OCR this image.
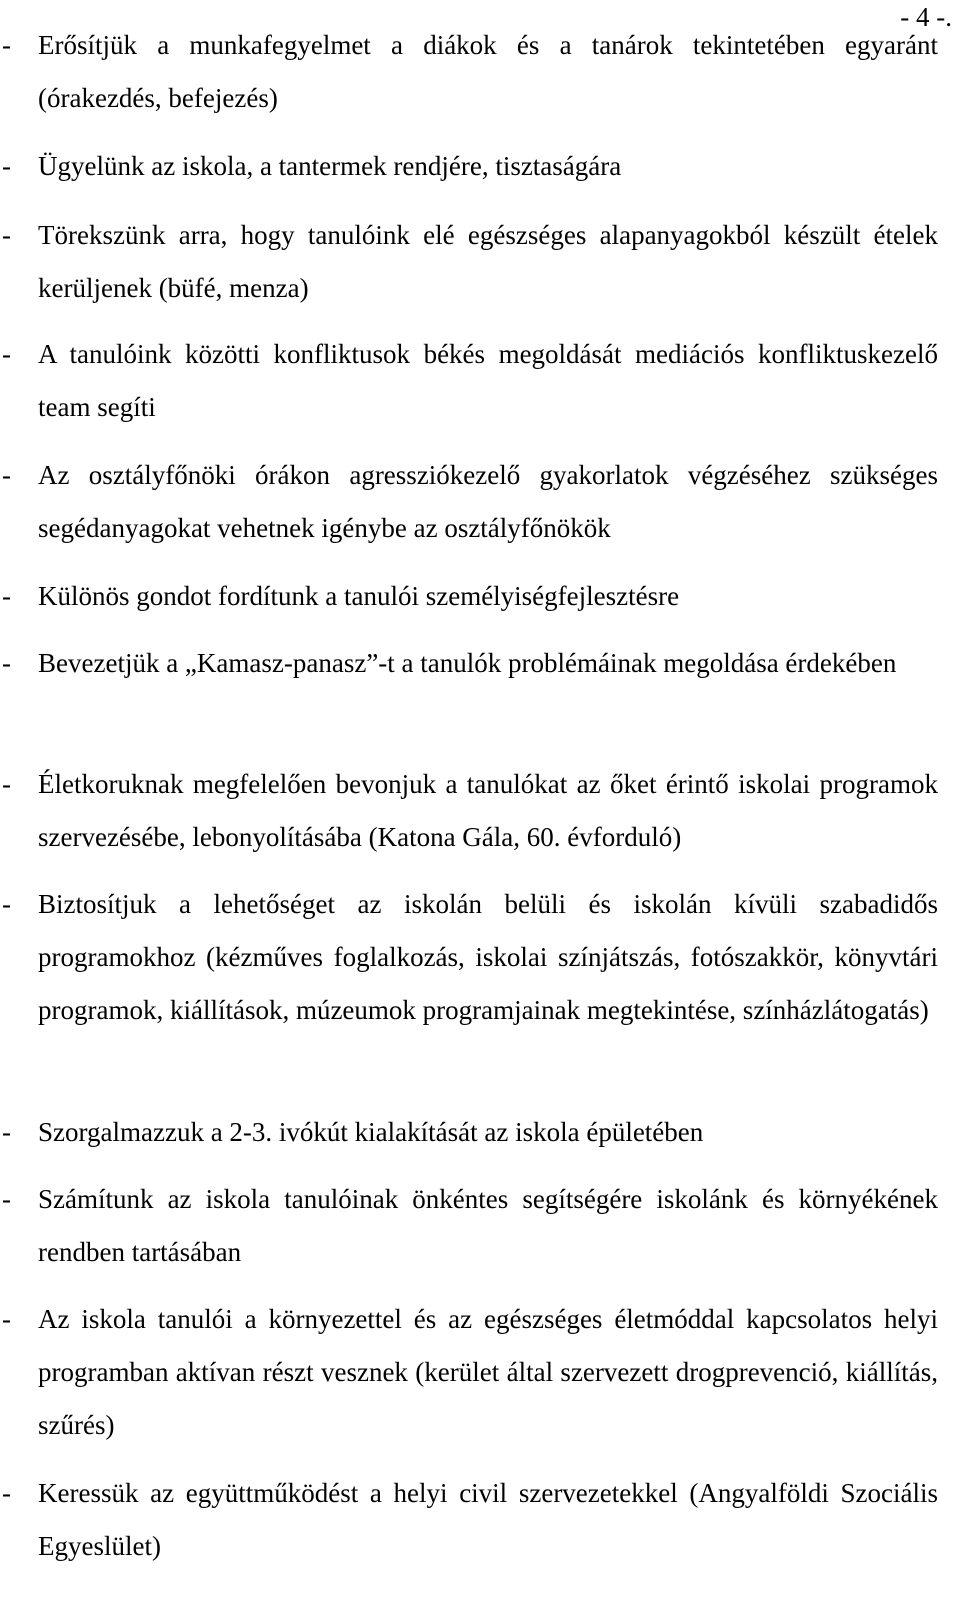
- 4 -.
- Erősítjük a munkafegyelmet a diákok és a tanárok tekintetében egyaránt (órakezdés, befejezés)
- Ügyelünk az iskola, a tantermek rendjére, tisztaságára
- Törekszünk arra, hogy tanulóink elé egészséges alapanyagokból készült ételek kerüljenek (büfé, menza)
- A tanulóink közötti konfliktusok békés megoldását mediációs konfliktuskezelő team segíti
- Az osztályfőnöki órákon agressziókezelő gyakorlatok végzéséhez szükséges segédanyagokat vehetnek igénybe az osztályfőnökök
- Különös gondot fordítunk a tanulói személyiségfejlesztésre
- Bevezetjük a „Kamasz-panasz”-t a tanulók problémáinak megoldása érdekében
- Életkoruknak megfelelően bevonjuk a tanulókat az őket érintő iskolai programok szervezésébe, lebonyolításába (Katona Gála, 60. évforduló)
- Biztosítjuk a lehetőséget az iskolán belüli és iskolán kívüli szabadidős programokhoz (kézműves foglalkozás, iskolai színjátszás, fotószakkör, könyvtári programok, kiállítások, múzeumok programjainak megtekintése, színházlátogatás)
- Szorgalmazzuk a 2-3. ivókút kialakítását az iskola épületében
- Számítunk az iskola tanulóinak önkéntes segítségére iskolánk és környékének rendben tartásában
- Az iskola tanulói a környezettel és az egészséges életmóddal kapcsolatos helyi programban aktívan részt vesznek (kerület által szervezett drogprevenció, kiállítás, szűrés)
- Keressük az együttműködést a helyi civil szervezetekkel (Angyalföldi Szociális Egyeslület)
